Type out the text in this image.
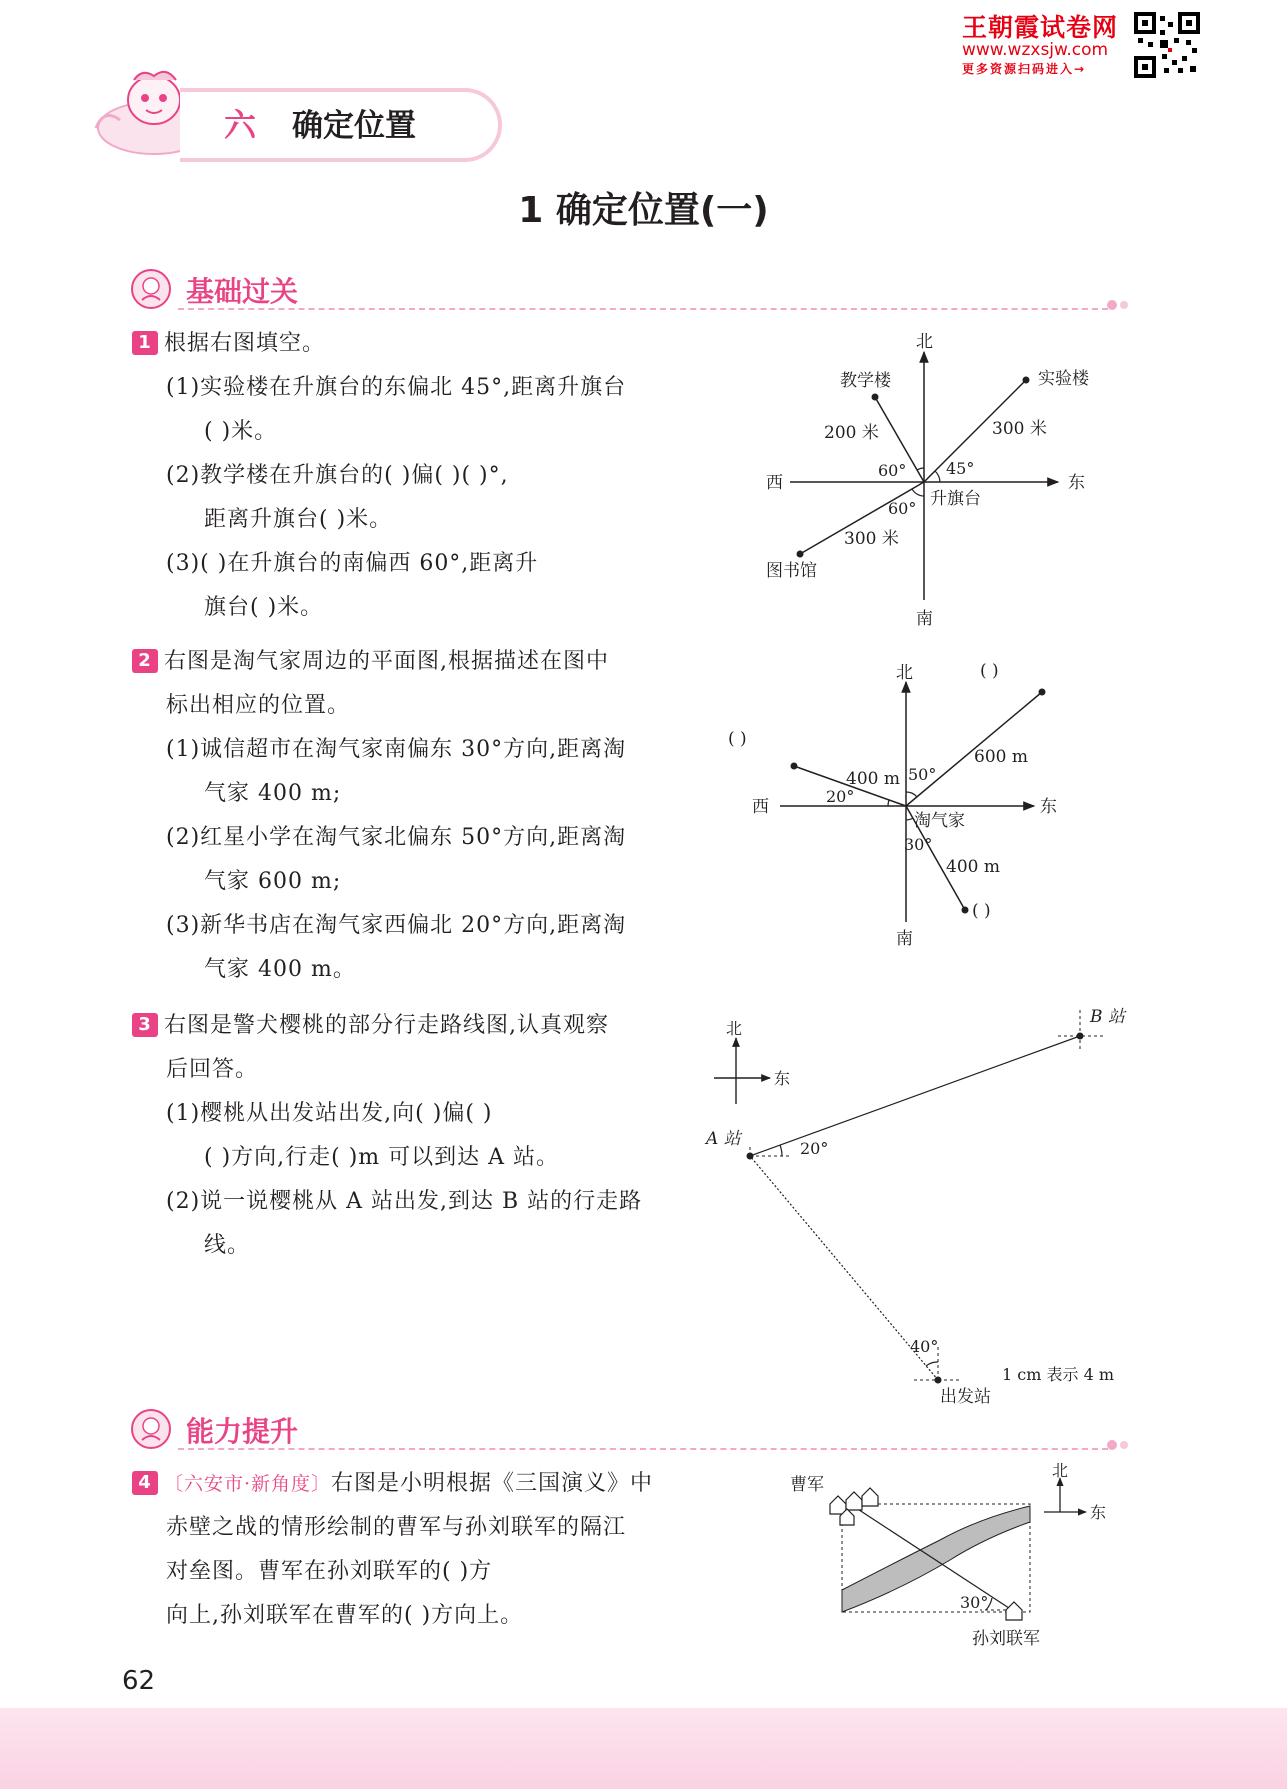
王朝霞试卷网
www.wzxsjw.com
更多资源扫码进入→
六 确定位置
1 确定位置(一)
基础过关
1 根据右图填空。
(1)实验楼在升旗台的东偏北 45°,距离升旗台
( )米。
(2)教学楼在升旗台的( )偏( )( )°,
距离升旗台( )米。
(3)( )在升旗台的南偏西 60°,距离升
旗台( )米。
北
南
东
西
升旗台
实验楼
教学楼
图书馆
300 米
200 米
300 米
45°
60°
60°
2 右图是淘气家周边的平面图,根据描述在图中
标出相应的位置。
(1)诚信超市在淘气家南偏东 30°方向,距离淘
气家 400 m;
(2)红星小学在淘气家北偏东 50°方向,距离淘
气家 600 m;
(3)新华书店在淘气家西偏北 20°方向,距离淘
气家 400 m。
北
南
东
西
淘气家
600 m
400 m
400 m
50°
20°
30°
( )
( )
( )
3 右图是警犬樱桃的部分行走路线图,认真观察
后回答。
(1)樱桃从出发站出发,向( )偏( )
( )方向,行走( )m 可以到达 A 站。
(2)说一说樱桃从 A 站出发,到达 B 站的行走路
线。
北
东
B 站
A 站	20°
40°
出发站
1 cm 表示 4 m
能力提升
4 〔六安市·新角度〕右图是小明根据《三国演义》中
赤壁之战的情形绘制的曹军与孙刘联军的隔江
对垒图。曹军在孙刘联军的( )方
向上,孙刘联军在曹军的( )方向上。
北
东
曹军
孙刘联军
30°
62
